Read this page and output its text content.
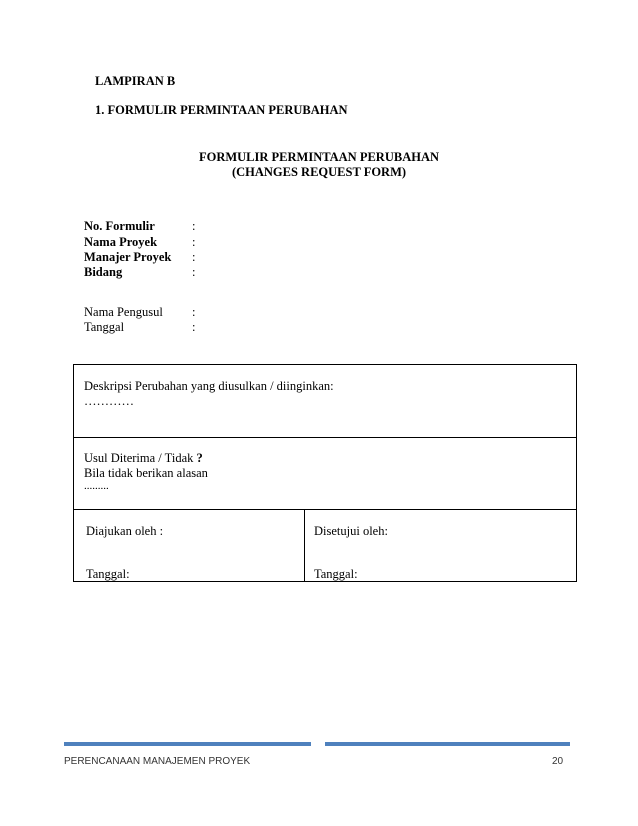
LAMPIRAN B
1. FORMULIR PERMINTAAN PERUBAHAN
FORMULIR PERMINTAAN PERUBAHAN
(CHANGES REQUEST FORM)
No. Formulir	:
Nama Proyek	:
Manajer Proyek	:
Bidang	:
Nama Pengusul	:
Tanggal	:
Deskripsi Perubahan yang diusulkan / diinginkan:
…………
Usul Diterima / Tidak ?
Bila tidak berikan alasan
.........
Diajukan oleh :
Tanggal:
Disetujui oleh:
Tanggal:
PERENCANAAN MANAJEMEN PROYEK	20
